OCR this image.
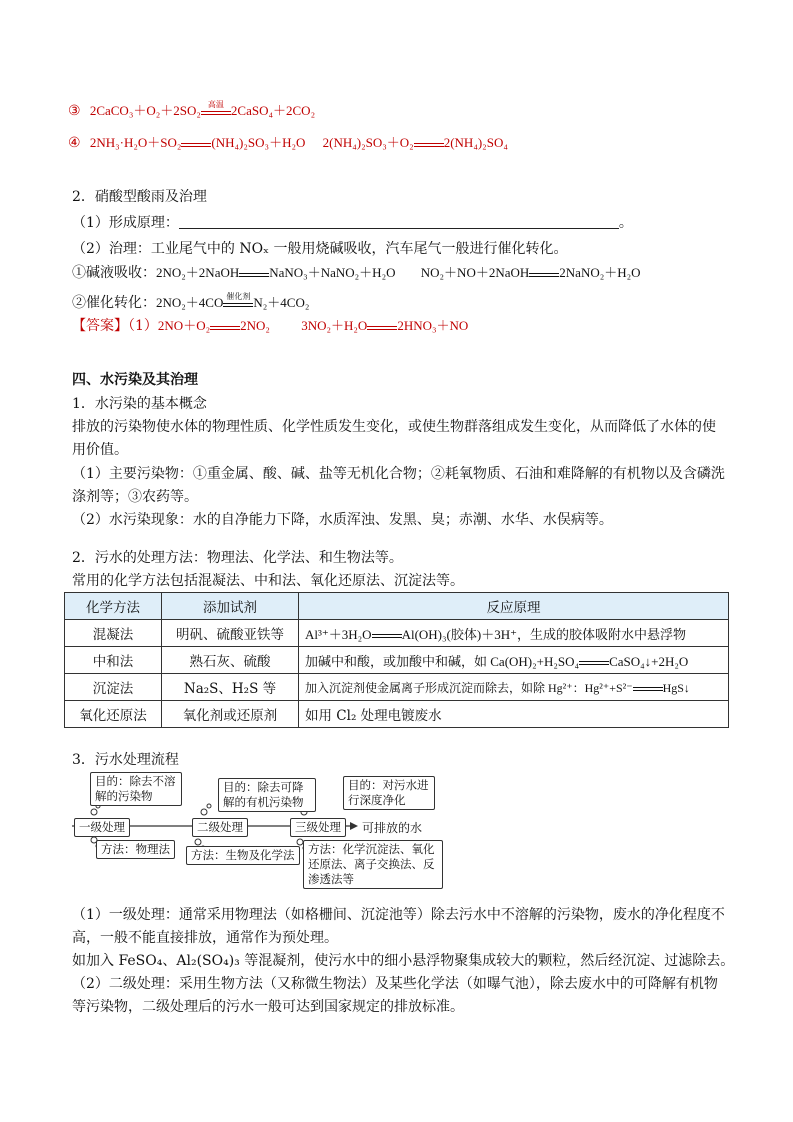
③ 2CaCO₃＋O₂＋2SO₂ 高温 2CaSO₄＋2CO₂
④ 2NH₃·H₂O＋SO₂ (NH₄)₂SO₃＋H₂O 2(NH₄)₂SO₃＋O₂ 2(NH₄)₂SO₄
2．硝酸型酸雨及治理
（1）形成原理：	。
（2）治理：工业尾气中的 NOₓ 一般用烧碱吸收，汽车尾气一般进行催化转化。
①碱液吸收：2NO₂＋2NaOH NaNO₃＋NaNO₂＋H₂O NO₂＋NO＋2NaOH 2NaNO₂＋H₂O
②催化转化：2NO₂＋4CO 催化剂 N₂＋4CO₂
【答案】（1）2NO＋O₂ 2NO₂ 3NO₂＋H₂O 2HNO₃＋NO
四、水污染及其治理
1．水污染的基本概念
排放的污染物使水体的物理性质、化学性质发生变化，或使生物群落组成发生变化，从而降低了水体的使
用价值。
（1）主要污染物：①重金属、酸、碱、盐等无机化合物；②耗氧物质、石油和难降解的有机物以及含磷洗
涤剂等；③农药等。
（2）水污染现象：水的自净能力下降，水质浑浊、发黑、臭；赤潮、水华、水俣病等。
2．污水的处理方法：物理法、化学法、和生物法等。
常用的化学方法包括混凝法、中和法、氧化还原法、沉淀法等。
化学方法	添加试剂	反应原理
混凝法	明矾、硫酸亚铁等	Al³⁺＋3H₂O Al(OH)₃(胶体)＋3H⁺，生成的胶体吸附水中悬浮物
中和法	熟石灰、硫酸	加碱中和酸，或加酸中和碱，如 Ca(OH)₂+H₂SO₄ CaSO₄↓+2H₂O
沉淀法	Na₂S、H₂S 等	加入沉淀剂使金属离子形成沉淀而除去，如除 Hg²⁺：Hg²⁺+S²⁻ HgS↓
氧化还原法	氧化剂或还原剂	如用 Cl₂ 处理电镀废水
3．污水处理流程
目的：除去不溶解的污染物
目的：除去可降解的有机污染物
目的：对污水进行深度净化
一级处理	二级处理	三级处理	可排放的水
方法：物理法	方法：生物及化学法	方法：化学沉淀法、氧化还原法、离子交换法、反渗透法等
（1）一级处理：通常采用物理法（如格栅间、沉淀池等）除去污水中不溶解的污染物，废水的净化程度不
高，一般不能直接排放，通常作为预处理。
如加入 FeSO₄、Al₂(SO₄)₃ 等混凝剂，使污水中的细小悬浮物聚集成较大的颗粒，然后经沉淀、过滤除去。
（2）二级处理：采用生物方法（又称微生物法）及某些化学法（如曝气池），除去废水中的可降解有机物
等污染物，二级处理后的污水一般可达到国家规定的排放标准。
